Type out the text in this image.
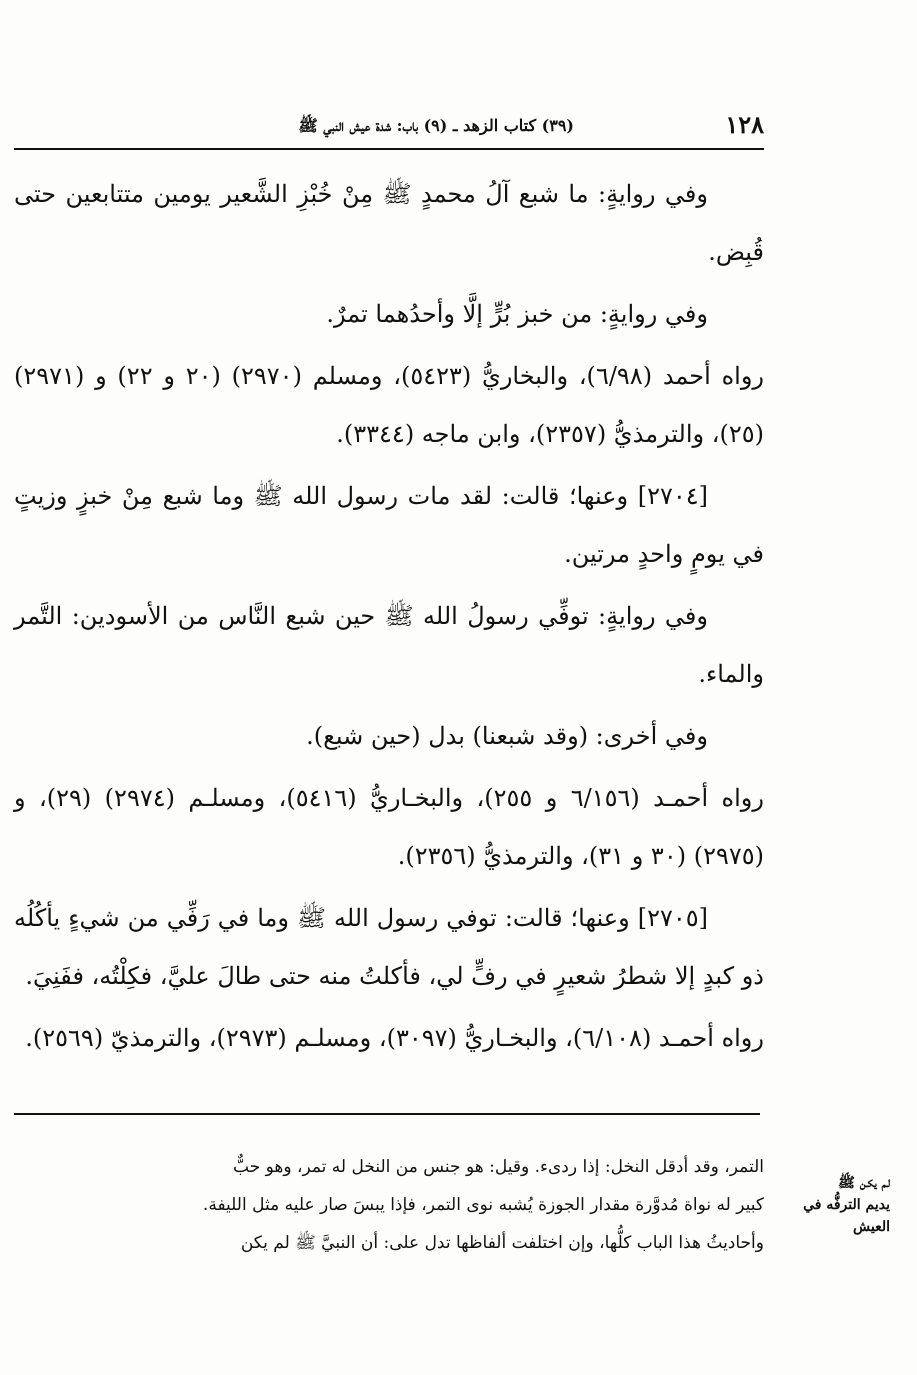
١٢٨
(٣٩) كتاب الزهد ـ (٩) باب: شدة عيش النبي ﷺ

وفي روايةٍ: ما شبع آلُ محمدٍ ﷺ مِنْ خُبْزِ الشَّعير يومين متتابعين حتى قُبِض.

وفي روايةٍ: من خبز بُرٍّ إلَّا وأحدُهما تمرٌ.

رواه أحمد (٦/٩٨)، والبخاريُّ (٥٤٢٣)، ومسلم (٢٩٧٠) (٢٠ و ٢٢) و (٢٩٧١) (٢٥)، والترمذيُّ (٢٣٥٧)، وابن ماجه (٣٣٤٤).

[٢٧٠٤] وعنها؛ قالت: لقد مات رسول الله ﷺ وما شبع مِنْ خبزٍ وزيتٍ في يومٍ واحدٍ مرتين.

وفي روايةٍ: توفِّي رسولُ الله ﷺ حين شبع النَّاس من الأسودين: التَّمر والماء.

وفي أخرى: (وقد شبعنا) بدل (حين شبع).

رواه أحمـد (٦/١٥٦ و ٢٥٥)، والبخـاريُّ (٥٤١٦)، ومسلـم (٢٩٧٤) (٢٩)، و (٢٩٧٥) (٣٠ و ٣١)، والترمذيُّ (٢٣٥٦).

[٢٧٠٥] وعنها؛ قالت: توفي رسول الله ﷺ وما في رَفِّي من شيءٍ يأكُلُه ذو كبدٍ إلا شطرُ شعيرٍ في رفٍّ لي، فأكلتُ منه حتى طالَ عليَّ، فكِلْتُه، ففَنِيَ.

رواه أحمـد (٦/١٠٨)، والبخـاريُّ (٣٠٩٧)، ومسلـم (٢٩٧٣)، والترمذيّ (٢٥٦٩).

التمر، وقد أدقل النخل: إذا ردىء. وقيل: هو جنس من النخل له تمر، وهو حبٌّ
كبير له نواة مُدوَّرة مقدار الجوزة يُشبه نوى التمر، فإذا يبسَ صار عليه مثل الليفة.
وأحاديثُ هذا الباب كلُّها، وإن اختلفت ألفاظها تدل على: أن النبيَّ ﷺ لم يكن
لـم يكـن ﷺ
يديم الترفُّه في
العيش
